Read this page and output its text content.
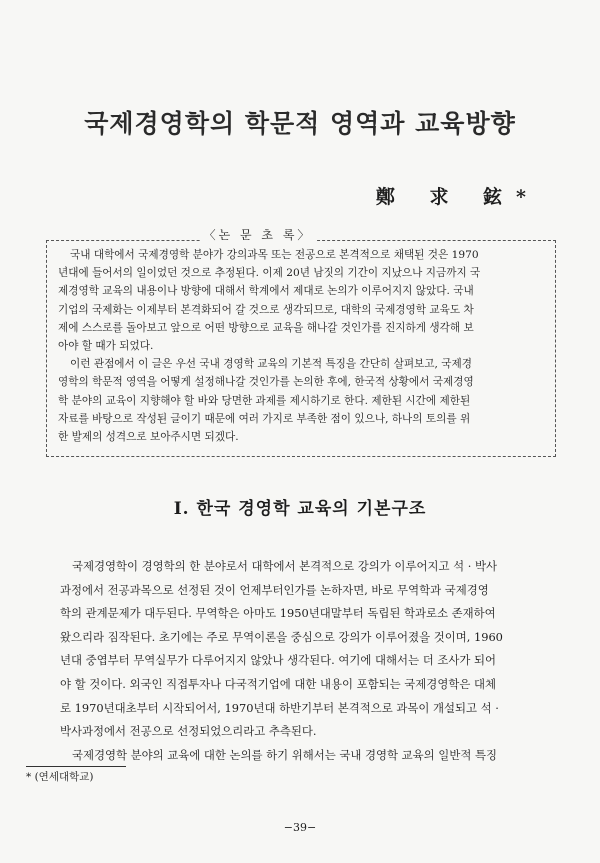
국제경영학의 학문적 영역과 교육방향
鄭 求 鉉*
〈논 문 초 록〉

국내 대학에서 국제경영학 분야가 강의과목 또는 전공으로 본격적으로 채택된 것은 1970

년대에 들어서의 일이었던 것으로 추정된다. 이제 20년 남짓의 기간이 지났으나 지금까지 국

제경영학 교육의 내용이나 방향에 대해서 학계에서 제대로 논의가 이루어지지 않았다. 국내

기업의 국제화는 이제부터 본격화되어 갈 것으로 생각되므로, 대학의 국제경영학 교육도 차

제에 스스로를 돌아보고 앞으로 어떤 방향으로 교육을 해나갈 것인가를 진지하게 생각해 보

아야 할 때가 되었다.

이런 관점에서 이 글은 우선 국내 경영학 교육의 기본적 특징을 간단히 살펴보고, 국제경

영학의 학문적 영역을 어떻게 설정해나갈 것인가를 논의한 후에, 한국적 상황에서 국제경영

학 분야의 교육이 지향해야 할 바와 당면한 과제를 제시하기로 한다. 제한된 시간에 제한된

자료를 바탕으로 작성된 글이기 때문에 여러 가지로 부족한 점이 있으나, 하나의 토의를 위

한 발제의 성격으로 보아주시면 되겠다.

Ⅰ. 한국 경영학 교육의 기본구조

국제경영학이 경영학의 한 분야로서 대학에서 본격적으로 강의가 이루어지고 석 · 박사

과정에서 전공과목으로 선정된 것이 언제부터인가를 논하자면, 바로 무역학과 국제경영

학의 관계문제가 대두된다. 무역학은 아마도 1950년대말부터 독립된 학과로소 존재하여

왔으리라 짐작된다. 초기에는 주로 무역이론을 중심으로 강의가 이루어졌을 것이며, 1960

년대 중엽부터 무역실무가 다루어지지 않았나 생각된다. 여기에 대해서는 더 조사가 되어

야 할 것이다. 외국인 직접투자나 다국적기업에 대한 내용이 포함되는 국제경영학은 대체

로 1970년대초부터 시작되어서, 1970년대 하반기부터 본격적으로 과목이 개설되고 석 ·

박사과정에서 전공으로 선정되었으리라고 추측된다.

국제경영학 분야의 교육에 대한 논의를 하기 위해서는 국내 경영학 교육의 일반적 특징

* (연세대학교)
−39−
